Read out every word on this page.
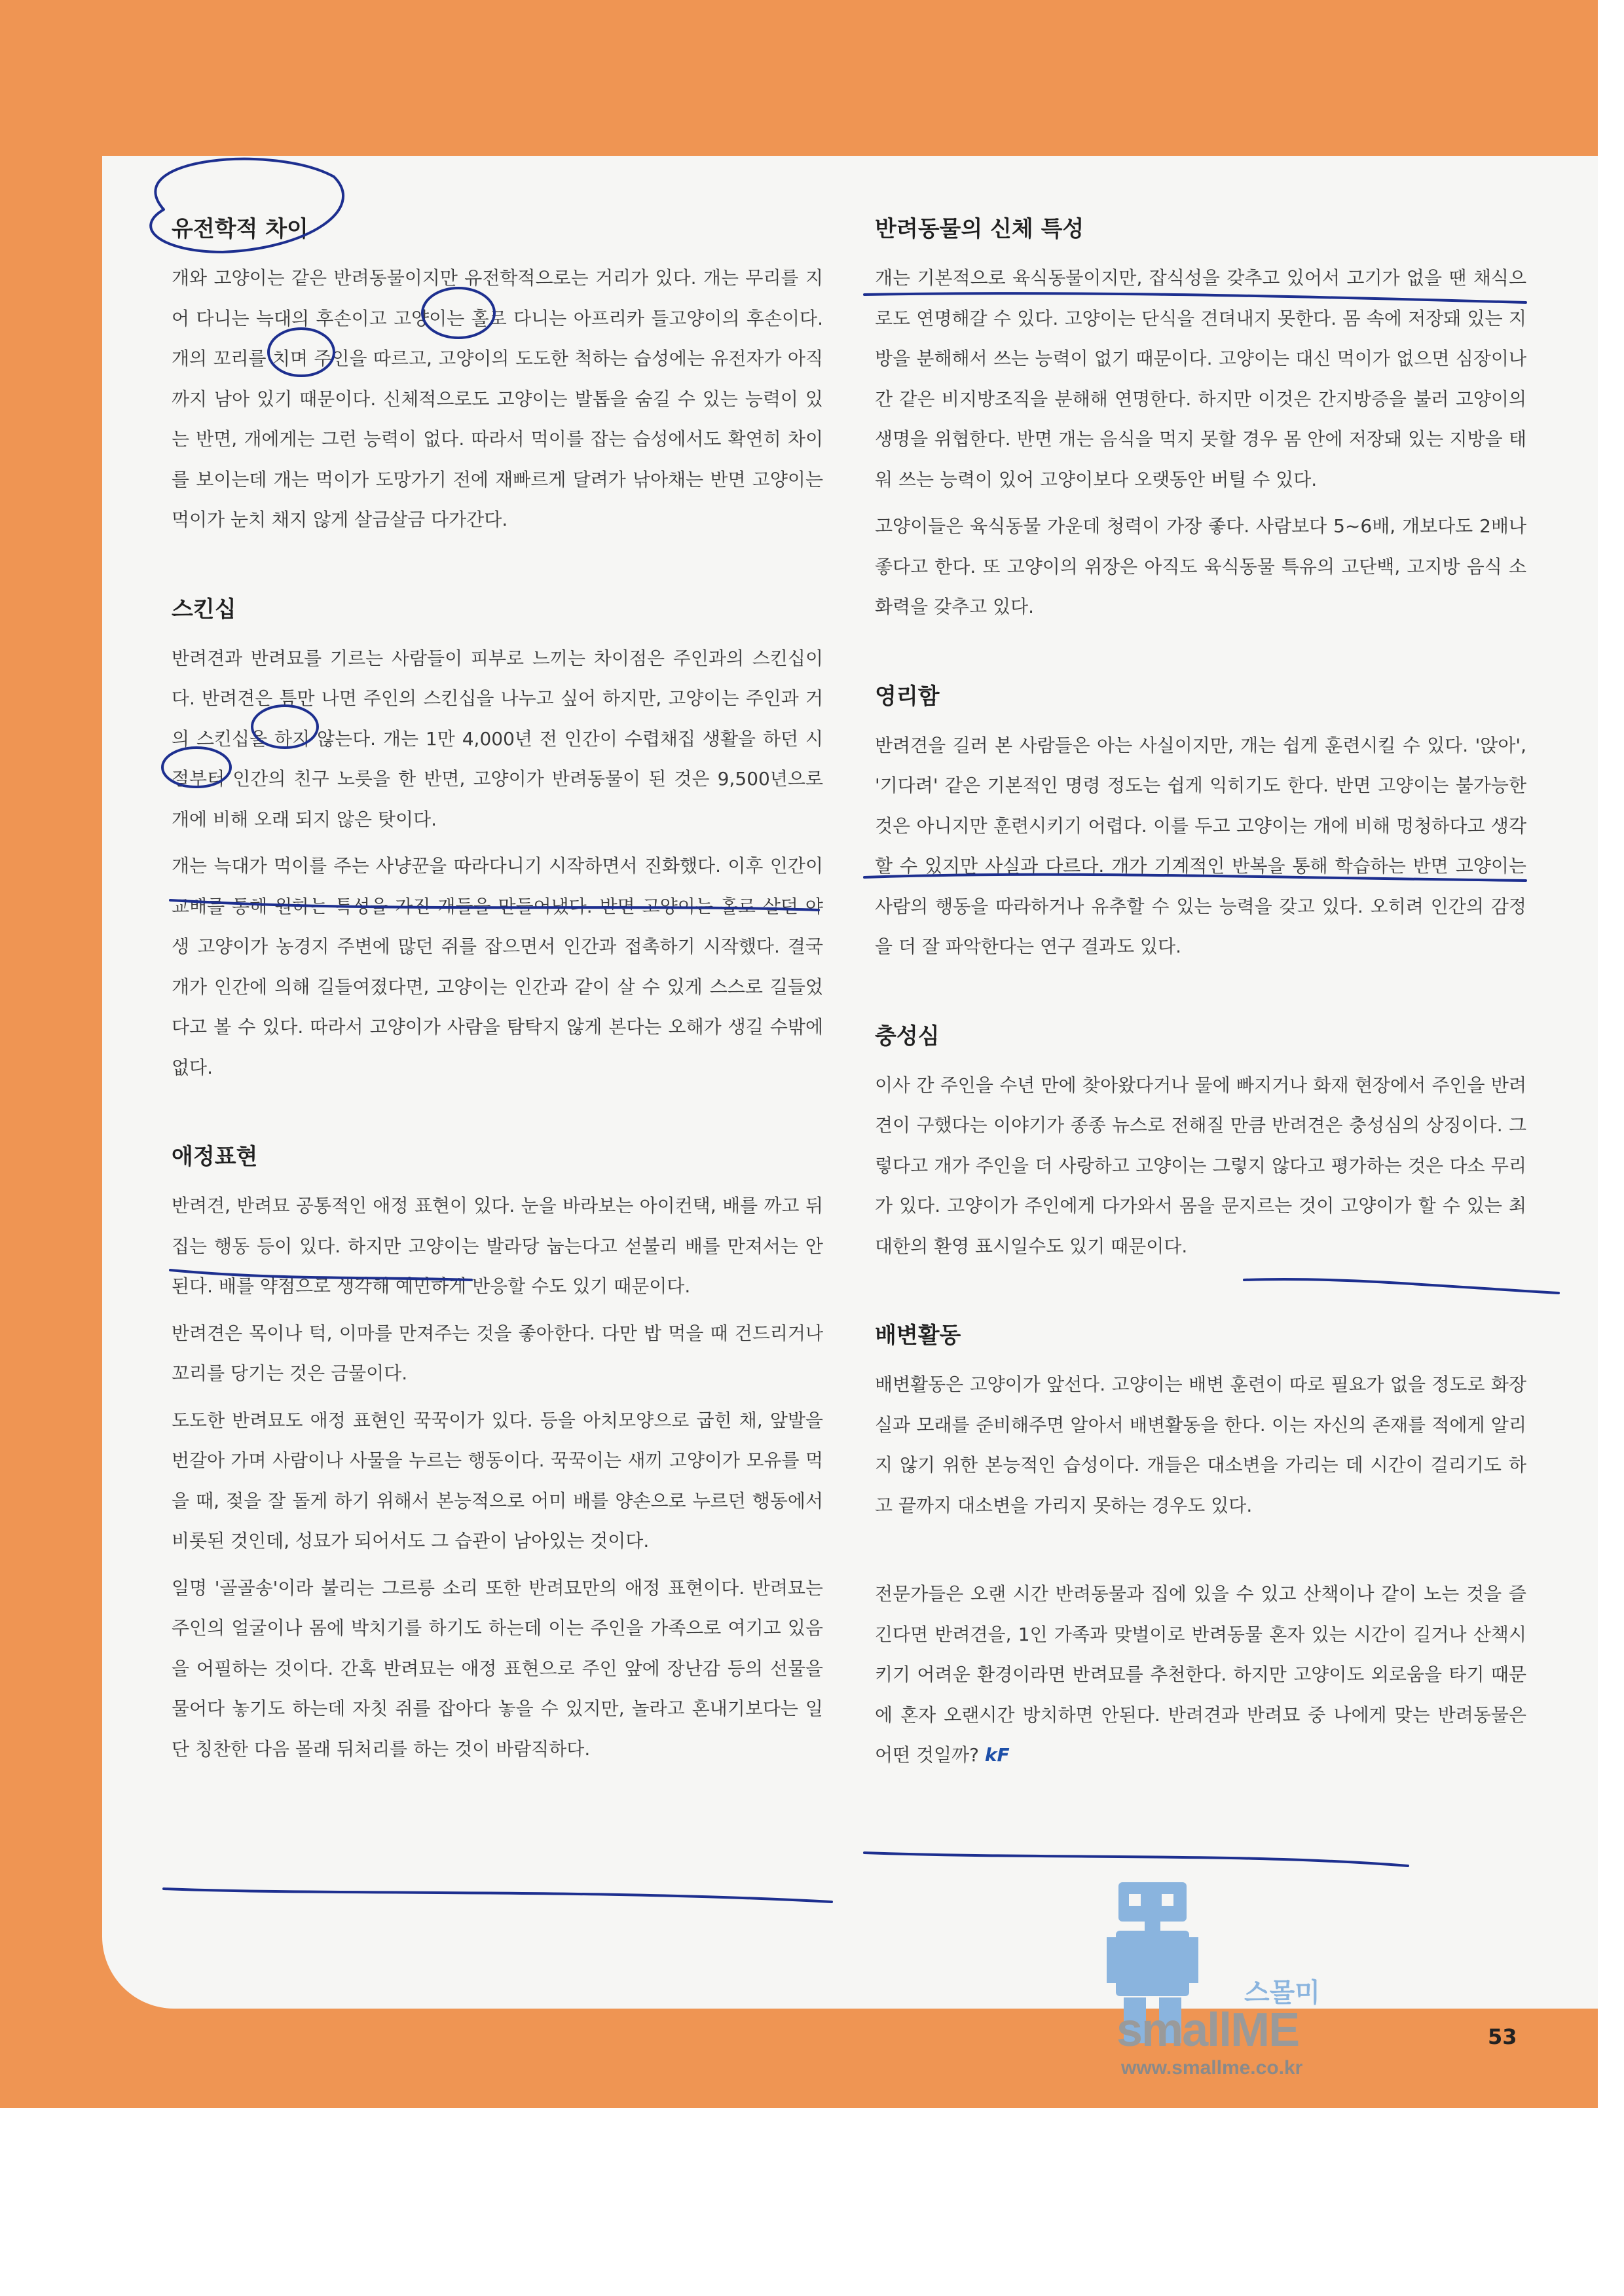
유전학적 차이

개와 고양이는 같은 반려동물이지만 유전학적으로는 거리가 있다. 개는 무리를 지어 다니는 늑대의 후손이고 고양이는 홀로 다니는 아프리카 들고양이의 후손이다. 개의 꼬리를 치며 주인을 따르고, 고양이의 도도한 척하는 습성에는 유전자가 아직까지 남아 있기 때문이다. 신체적으로도 고양이는 발톱을 숨길 수 있는 능력이 있는 반면, 개에게는 그런 능력이 없다. 따라서 먹이를 잡는 습성에서도 확연히 차이를 보이는데 개는 먹이가 도망가기 전에 재빠르게 달려가 낚아채는 반면 고양이는 먹이가 눈치 채지 않게 살금살금 다가간다.

스킨십

반려견과 반려묘를 기르는 사람들이 피부로 느끼는 차이점은 주인과의 스킨십이다. 반려견은 틈만 나면 주인의 스킨십을 나누고 싶어 하지만, 고양이는 주인과 거의 스킨십을 하지 않는다. 개는 1만 4,000년 전 인간이 수렵채집 생활을 하던 시절부터 인간의 친구 노릇을 한 반면, 고양이가 반려동물이 된 것은 9,500년으로 개에 비해 오래 되지 않은 탓이다.

개는 늑대가 먹이를 주는 사냥꾼을 따라다니기 시작하면서 진화했다. 이후 인간이 교배를 통해 원하는 특성을 가진 개들을 만들어냈다. 반면 고양이는 홀로 살던 야생 고양이가 농경지 주변에 많던 쥐를 잡으면서 인간과 접촉하기 시작했다. 결국 개가 인간에 의해 길들여졌다면, 고양이는 인간과 같이 살 수 있게 스스로 길들었다고 볼 수 있다. 따라서 고양이가 사람을 탐탁지 않게 본다는 오해가 생길 수밖에 없다.

애정표현

반려견, 반려묘 공통적인 애정 표현이 있다. 눈을 바라보는 아이컨택, 배를 까고 뒤집는 행동 등이 있다. 하지만 고양이는 발라당 눕는다고 섣불리 배를 만져서는 안된다. 배를 약점으로 생각해 예민하게 반응할 수도 있기 때문이다.

반려견은 목이나 턱, 이마를 만져주는 것을 좋아한다. 다만 밥 먹을 때 건드리거나 꼬리를 당기는 것은 금물이다.

도도한 반려묘도 애정 표현인 꾹꾹이가 있다. 등을 아치모양으로 굽힌 채, 앞발을 번갈아 가며 사람이나 사물을 누르는 행동이다. 꾹꾹이는 새끼 고양이가 모유를 먹을 때, 젖을 잘 돌게 하기 위해서 본능적으로 어미 배를 양손으로 누르던 행동에서 비롯된 것인데, 성묘가 되어서도 그 습관이 남아있는 것이다.

일명 '골골송'이라 불리는 그르릉 소리 또한 반려묘만의 애정 표현이다. 반려묘는 주인의 얼굴이나 몸에 박치기를 하기도 하는데 이는 주인을 가족으로 여기고 있음을 어필하는 것이다. 간혹 반려묘는 애정 표현으로 주인 앞에 장난감 등의 선물을 물어다 놓기도 하는데 자칫 쥐를 잡아다 놓을 수 있지만, 놀라고 혼내기보다는 일단 칭찬한 다음 몰래 뒤처리를 하는 것이 바람직하다.

반려동물의 신체 특성

개는 기본적으로 육식동물이지만, 잡식성을 갖추고 있어서 고기가 없을 땐 채식으로도 연명해갈 수 있다. 고양이는 단식을 견뎌내지 못한다. 몸 속에 저장돼 있는 지방을 분해해서 쓰는 능력이 없기 때문이다. 고양이는 대신 먹이가 없으면 심장이나 간 같은 비지방조직을 분해해 연명한다. 하지만 이것은 간지방증을 불러 고양이의 생명을 위협한다. 반면 개는 음식을 먹지 못할 경우 몸 안에 저장돼 있는 지방을 태워 쓰는 능력이 있어 고양이보다 오랫동안 버틸 수 있다.

고양이들은 육식동물 가운데 청력이 가장 좋다. 사람보다 5~6배, 개보다도 2배나 좋다고 한다. 또 고양이의 위장은 아직도 육식동물 특유의 고단백, 고지방 음식 소화력을 갖추고 있다.

영리함

반려견을 길러 본 사람들은 아는 사실이지만, 개는 쉽게 훈련시킬 수 있다. '앉아', '기다려' 같은 기본적인 명령 정도는 쉽게 익히기도 한다. 반면 고양이는 불가능한 것은 아니지만 훈련시키기 어렵다. 이를 두고 고양이는 개에 비해 멍청하다고 생각할 수 있지만 사실과 다르다. 개가 기계적인 반복을 통해 학습하는 반면 고양이는 사람의 행동을 따라하거나 유추할 수 있는 능력을 갖고 있다. 오히려 인간의 감정을 더 잘 파악한다는 연구 결과도 있다.

충성심

이사 간 주인을 수년 만에 찾아왔다거나 물에 빠지거나 화재 현장에서 주인을 반려견이 구했다는 이야기가 종종 뉴스로 전해질 만큼 반려견은 충성심의 상징이다. 그렇다고 개가 주인을 더 사랑하고 고양이는 그렇지 않다고 평가하는 것은 다소 무리가 있다. 고양이가 주인에게 다가와서 몸을 문지르는 것이 고양이가 할 수 있는 최대한의 환영 표시일수도 있기 때문이다.

배변활동

배변활동은 고양이가 앞선다. 고양이는 배변 훈련이 따로 필요가 없을 정도로 화장실과 모래를 준비해주면 알아서 배변활동을 한다. 이는 자신의 존재를 적에게 알리지 않기 위한 본능적인 습성이다. 개들은 대소변을 가리는 데 시간이 걸리기도 하고 끝까지 대소변을 가리지 못하는 경우도 있다.

전문가들은 오랜 시간 반려동물과 집에 있을 수 있고 산책이나 같이 노는 것을 즐긴다면 반려견을, 1인 가족과 맞벌이로 반려동물 혼자 있는 시간이 길거나 산책시키기 어려운 환경이라면 반려묘를 추천한다. 하지만 고양이도 외로움을 타기 때문에 혼자 오랜시간 방치하면 안된다. 반려견과 반려묘 중 나에게 맞는 반려동물은 어떤 것일까? kF

스몰미
smallME
www.smallme.co.kr
53
